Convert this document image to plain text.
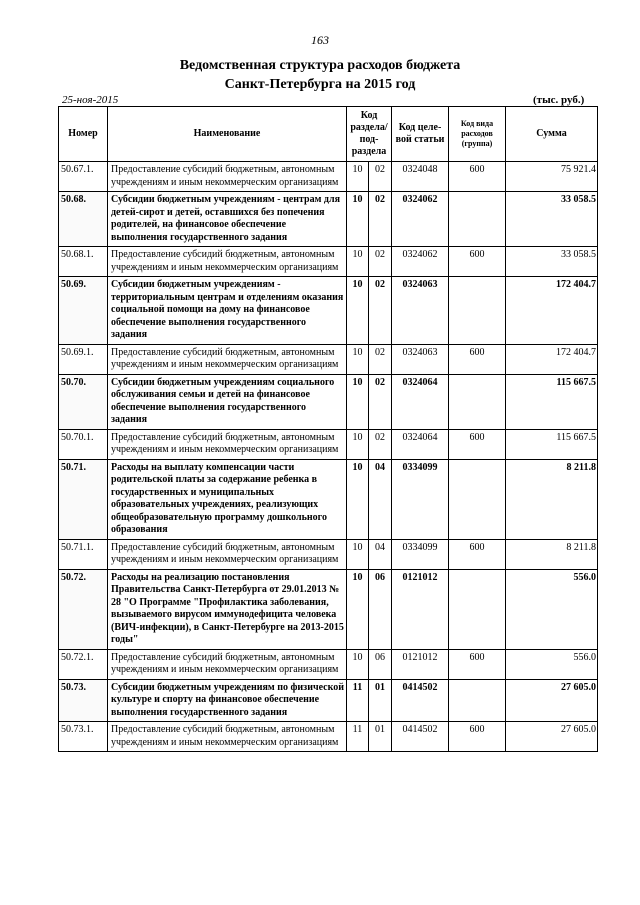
163
Ведомственная структура расходов бюджета
Санкт-Петербурга на 2015 год
25-ноя-2015	(тыс. руб.)
Номер	Наименование	Код раздела/ под- раздела		Код целе- вой статьи	Код вида расходов (группа)	Сумма
50.67.1.	Предоставление субсидий бюджетным, автономным учреждениям и иным некоммерческим организациям	10	02	0324048	600	75 921.4
50.68.	Субсидии бюджетным учреждениям - центрам для детей-сирот и детей, оставшихся без попечения родителей, на финансовое обеспечение выполнения государственного задания	10	02	0324062		33 058.5
50.68.1.	Предоставление субсидий бюджетным, автономным учреждениям и иным некоммерческим организациям	10	02	0324062	600	33 058.5
50.69.	Субсидии бюджетным учреждениям - территориальным центрам и отделениям оказания социальной помощи на дому на финансовое обеспечение выполнения государственного задания	10	02	0324063		172 404.7
50.69.1.	Предоставление субсидий бюджетным, автономным учреждениям и иным некоммерческим организациям	10	02	0324063	600	172 404.7
50.70.	Субсидии бюджетным учреждениям социального обслуживания семьи и детей на финансовое обеспечение выполнения государственного задания	10	02	0324064		115 667.5
50.70.1.	Предоставление субсидий бюджетным, автономным учреждениям и иным некоммерческим организациям	10	02	0324064	600	115 667.5
50.71.	Расходы на выплату компенсации части родительской платы за содержание ребенка в государственных и муниципальных образовательных учреждениях, реализующих общеобразовательную программу дошкольного образования	10	04	0334099		8 211.8
50.71.1.	Предоставление субсидий бюджетным, автономным учреждениям и иным некоммерческим организациям	10	04	0334099	600	8 211.8
50.72.	Расходы на реализацию постановления Правительства Санкт-Петербурга от 29.01.2013 № 28 "О Программе "Профилактика заболевания, вызываемого вирусом иммунодефицита человека (ВИЧ-инфекции), в Санкт-Петербурге на 2013-2015 годы"	10	06	0121012		556.0
50.72.1.	Предоставление субсидий бюджетным, автономным учреждениям и иным некоммерческим организациям	10	06	0121012	600	556.0
50.73.	Субсидии бюджетным учреждениям по физической культуре и спорту на финансовое обеспечение выполнения государственного задания	11	01	0414502		27 605.0
50.73.1.	Предоставление субсидий бюджетным, автономным учреждениям и иным некоммерческим организациям	11	01	0414502	600	27 605.0
